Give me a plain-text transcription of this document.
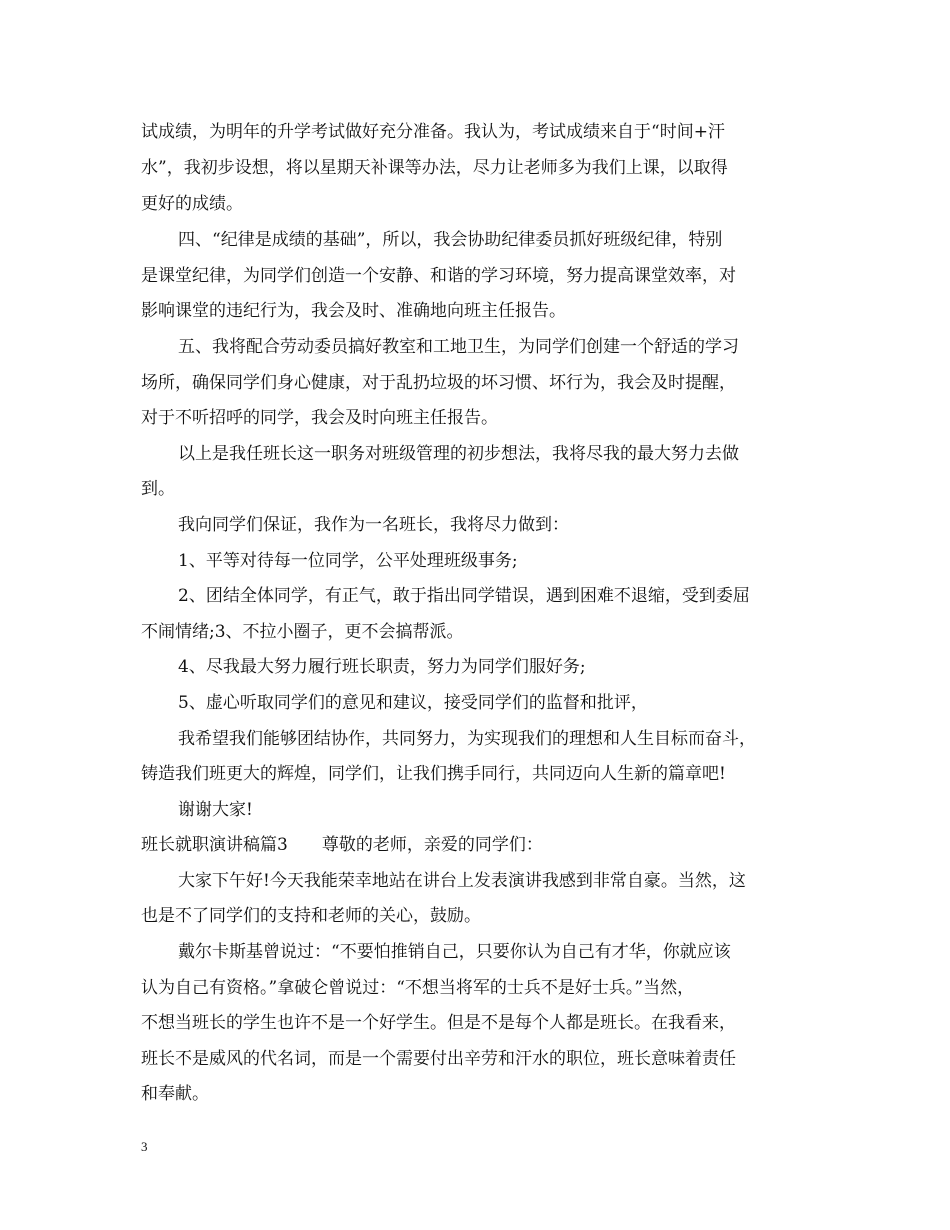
试成绩，为明年的升学考试做好充分准备。我认为，考试成绩来自于“时间+汗
水”，我初步设想，将以星期天补课等办法，尽力让老师多为我们上课，以取得
更好的成绩。
四、“纪律是成绩的基础”，所以，我会协助纪律委员抓好班级纪律，特别
是课堂纪律，为同学们创造一个安静、和谐的学习环境，努力提高课堂效率，对
影响课堂的违纪行为，我会及时、准确地向班主任报告。
五、我将配合劳动委员搞好教室和工地卫生，为同学们创建一个舒适的学习
场所，确保同学们身心健康，对于乱扔垃圾的坏习惯、坏行为，我会及时提醒，
对于不听招呼的同学，我会及时向班主任报告。
以上是我任班长这一职务对班级管理的初步想法，我将尽我的最大努力去做
到。
我向同学们保证，我作为一名班长，我将尽力做到：
1、平等对待每一位同学，公平处理班级事务;
2、团结全体同学，有正气，敢于指出同学错误，遇到困难不退缩，受到委屈
不闹情绪;3、不拉小圈子，更不会搞帮派。
4、尽我最大努力履行班长职责，努力为同学们服好务;
5、虚心听取同学们的意见和建议，接受同学们的监督和批评，
我希望我们能够团结协作，共同努力，为实现我们的理想和人生目标而奋斗，
铸造我们班更大的辉煌，同学们，让我们携手同行，共同迈向人生新的篇章吧!
谢谢大家!
班长就职演讲稿篇3　　尊敬的老师，亲爱的同学们：
大家下午好!今天我能荣幸地站在讲台上发表演讲我感到非常自豪。当然，这
也是不了同学们的支持和老师的关心，鼓励。
戴尔卡斯基曾说过：“不要怕推销自己，只要你认为自己有才华，你就应该
认为自己有资格。”拿破仑曾说过：“不想当将军的士兵不是好士兵。”当然，
不想当班长的学生也许不是一个好学生。但是不是每个人都是班长。在我看来，
班长不是威风的代名词，而是一个需要付出辛劳和汗水的职位，班长意味着责任
和奉献。
3
